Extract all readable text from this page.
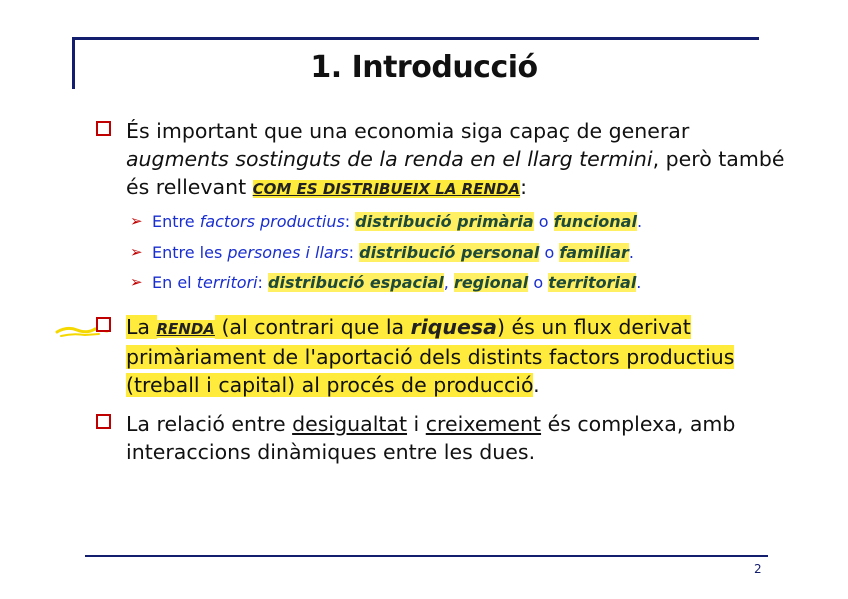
1. Introducció
És important que una economia siga capaç de generar augments sostinguts de la renda en el llarg termini, però també és rellevant COM ES DISTRIBUEIX LA RENDA:
➢ Entre factors productius: distribució primària o funcional.
➢ Entre les persones i llars: distribució personal o familiar.
➢ En el territori: distribució espacial, regional o territorial.
La RENDA (al contrari que la riquesa) és un flux derivat primàriament de l'aportació dels distints factors productius (treball i capital) al procés de producció.
La relació entre desigualtat i creixement és complexa, amb interaccions dinàmiques entre les dues.
2
